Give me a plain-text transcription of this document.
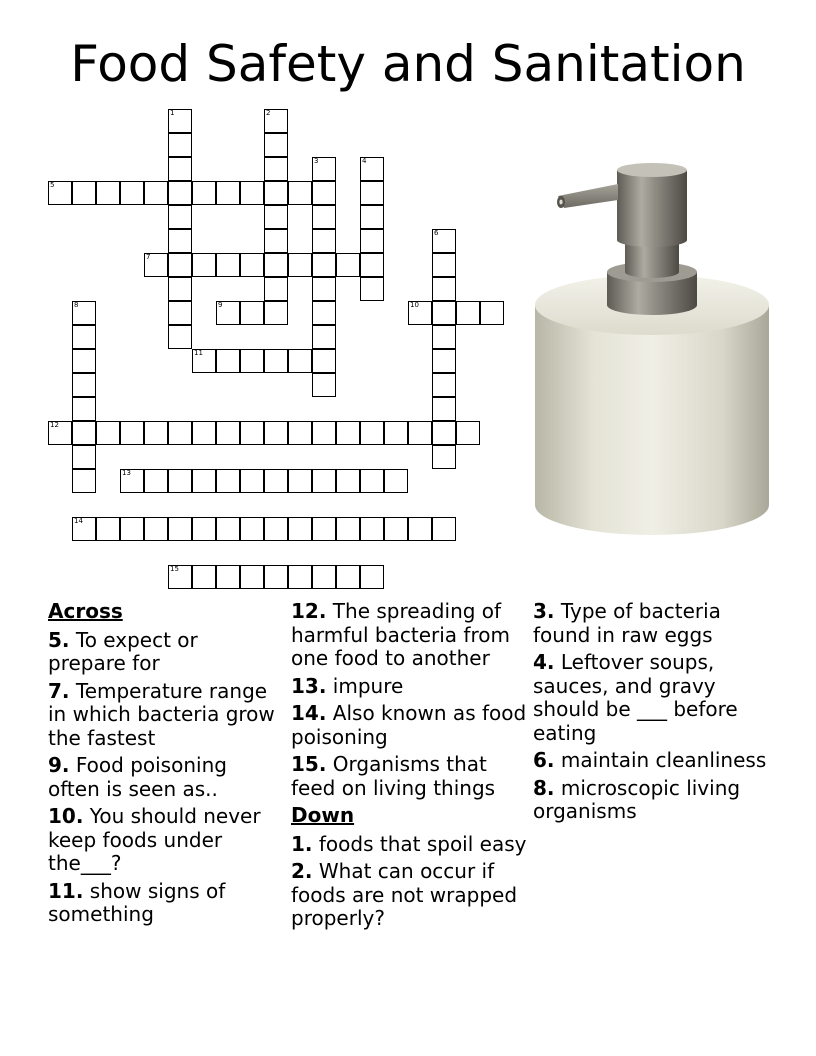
Food Safety and Sanitation
1	2
3	4
5
6
7
8	9	10
11
12
13
14
15
Across
5. To expect or prepare for
7. Temperature range in which bacteria grow the fastest
9. Food poisoning often is seen as..
10. You should never keep foods under the___?
11. show signs of something
12. The spreading of harmful bacteria from one food to another
13. impure
14. Also known as food poisoning
15. Organisms that feed on living things
Down
1. foods that spoil easy
2. What can occur if foods are not wrapped properly?
3. Type of bacteria found in raw eggs
4. Leftover soups, sauces, and gravy should be ___ before eating
6. maintain cleanliness
8. microscopic living organisms
